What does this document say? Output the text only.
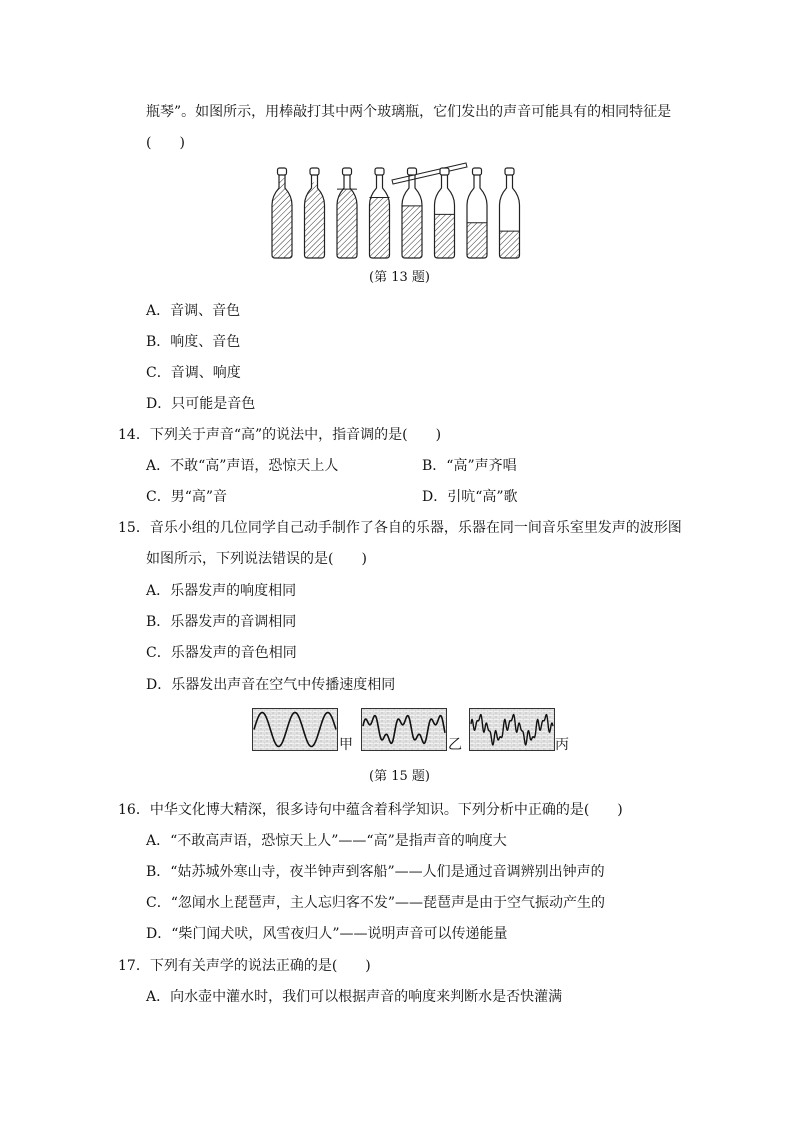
瓶琴”。如图所示，用棒敲打其中两个玻璃瓶，它们发出的声音可能具有的相同特征是
(　　)
(第 13 题)
A．音调、音色
B．响度、音色
C．音调、响度
D．只可能是音色
14．下列关于声音“高”的说法中，指音调的是(　　)
A．不敢“高”声语，恐惊天上人	B．“高”声齐唱
C．男“高”音	D．引吭“高”歌
15．音乐小组的几位同学自己动手制作了各自的乐器，乐器在同一间音乐室里发声的波形图
如图所示，下列说法错误的是(　　)
A．乐器发声的响度相同
B．乐器发声的音调相同
C．乐器发声的音色相同
D．乐器发出声音在空气中传播速度相同
甲	乙	丙
(第 15 题)
16．中华文化博大精深，很多诗句中蕴含着科学知识。下列分析中正确的是(　　)
A．“不敢高声语，恐惊天上人”——“高”是指声音的响度大
B．“姑苏城外寒山寺，夜半钟声到客船”——人们是通过音调辨别出钟声的
C．“忽闻水上琵琶声，主人忘归客不发”——琵琶声是由于空气振动产生的
D．“柴门闻犬吠，风雪夜归人”——说明声音可以传递能量
17．下列有关声学的说法正确的是(　　)
A．向水壶中灌水时，我们可以根据声音的响度来判断水是否快灌满
